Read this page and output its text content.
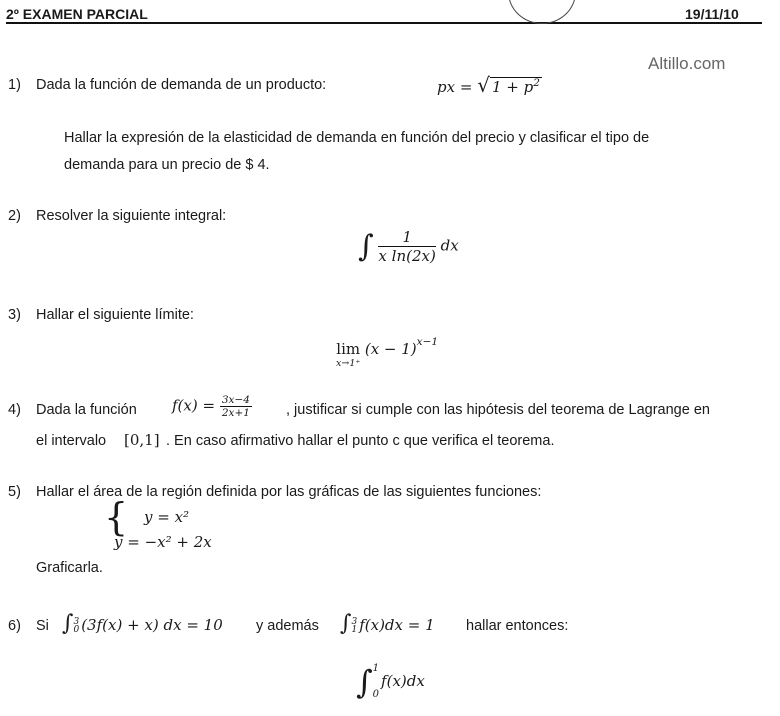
2º EXAMEN PARCIAL	19/11/10
Altillo.com
1) Dada la función de demanda de un producto:	px = √ $1 + p^2$
Hallar la expresión de la elasticidad de demanda en función del precio y clasificar el tipo de
demanda para un precio de $ 4.
2) Resolver la siguiente integral:
∫ $\frac{1}{\text{x ln(2x)}}$ dx
3) Hallar el siguiente límite:
lim
x→1⁺
$(x - 1)^{x-1}$
4) Dada la función $f(x) = \frac{3x-4}{2x+1}$ , justificar si cumple con las hipótesis del teorema de Lagrange en
el intervalo [0,1] . En caso afirmativo hallar el punto c que verifica el teorema.
5) Hallar el área de la región definida por las gráficas de las siguientes funciones:
{ y = x²
y = −x² + 2x
Graficarla.
6) Si ∫ 3
0 (3f(x) + x) dx = 10 y además ∫ 3
1 f(x)dx = 1 hallar entonces:
∫ 1
0
f(x)dx
